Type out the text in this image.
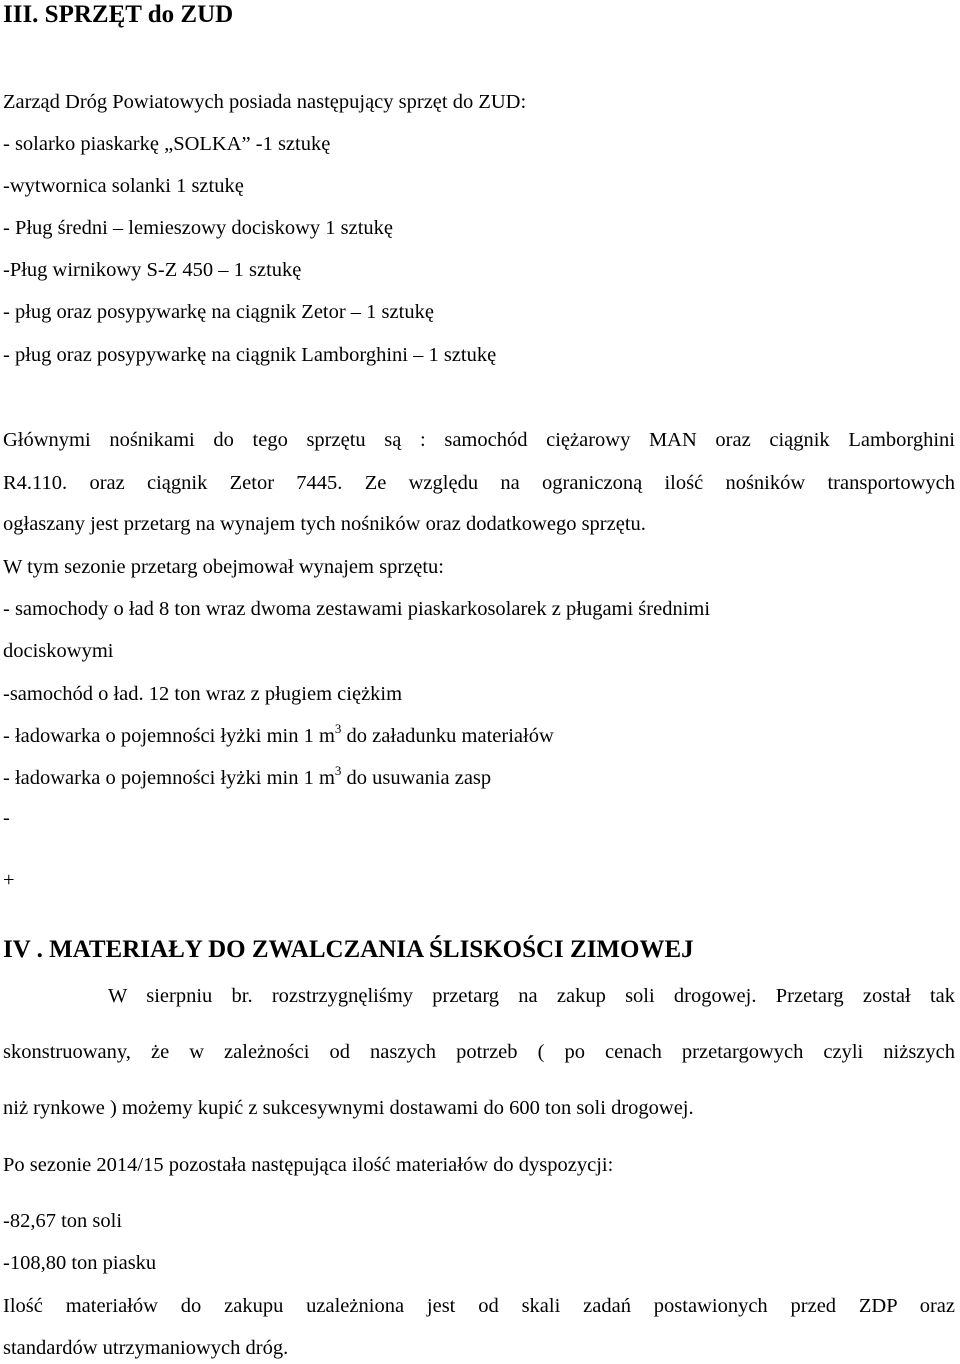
III. SPRZĘT do ZUD
Zarząd Dróg Powiatowych posiada następujący sprzęt do ZUD:
- solarko piaskarkę „SOLKA” -1 sztukę
-wytwornica solanki 1 sztukę
- Pług średni – lemieszowy dociskowy 1 sztukę
-Pług wirnikowy S-Z 450 – 1 sztukę
- pług oraz posypywarkę na ciągnik Zetor – 1 sztukę
- pług oraz posypywarkę na ciągnik Lamborghini – 1 sztukę
Głównymi nośnikami do tego sprzętu są : samochód ciężarowy MAN oraz ciągnik Lamborghini
R4.110. oraz ciągnik Zetor 7445. Ze względu na ograniczoną ilość nośników transportowych
ogłaszany jest przetarg na wynajem tych nośników oraz dodatkowego sprzętu.
W tym sezonie przetarg obejmował wynajem sprzętu:
- samochody o ład 8 ton wraz dwoma zestawami piaskarkosolarek z pługami średnimi
dociskowymi
-samochód o ład. 12 ton wraz z pługiem ciężkim
- ładowarka o pojemności łyżki min 1 $m^3$ do załadunku materiałów
- ładowarka o pojemności łyżki min 1 $m^3$ do usuwania zasp
-
+
IV . MATERIAŁY DO ZWALCZANIA ŚLISKOŚCI ZIMOWEJ
W sierpniu br. rozstrzygnęliśmy przetarg na zakup soli drogowej. Przetarg został tak
skonstruowany, że w zależności od naszych potrzeb ( po cenach przetargowych czyli niższych
niż rynkowe ) możemy kupić z sukcesywnymi dostawami do 600 ton soli drogowej.
Po sezonie 2014/15 pozostała następująca ilość materiałów do dyspozycji:
-82,67 ton soli
-108,80 ton piasku
Ilość materiałów do zakupu uzależniona jest od skali zadań postawionych przed ZDP oraz
standardów utrzymaniowych dróg.
